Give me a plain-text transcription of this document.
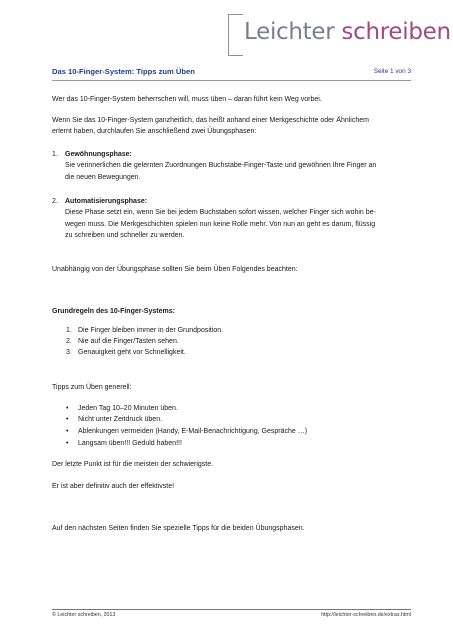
Leichter schreiben
Das 10-Finger-System: Tipps zum Üben	Seite 1 von 3
Wer das 10-Finger-System beherrschen will, muss üben – daran führt kein Weg vorbei.
Wenn Sie das 10-Finger-System ganzheitlich, das heißt anhand einer Merkgeschichte oder Ähnlichem
erlernt haben, durchlaufen Sie anschließend zwei Übungsphasen:
1. Gewöhnungsphase:
Sie verinnerlichen die gelernten Zuordnungen Buchstabe-Finger-Taste und gewöhnen Ihre Finger an
die neuen Bewegungen.
2. Automatisierungsphase:
Diese Phase setzt ein, wenn Sie bei jedem Buchstaben sofort wissen, welcher Finger sich wohin be-
wegen muss. Die Merkgeschichten spielen nun keine Rolle mehr. Von nun an geht es darum, flüssig
zu schreiben und schneller zu werden.
Unabhängig von der Übungsphase sollten Sie beim Üben Folgendes beachten:
Grundregeln des 10-Finger-Systems:
1. Die Finger bleiben immer in der Grundposition.
2. Nie auf die Finger/Tasten sehen.
3. Genauigkeit geht vor Schnelligkeit.
Tipps zum Üben generell:
• Jeden Tag 10–20 Minuten üben.
• Nicht unter Zeitdruck üben.
• Ablenkungen vermeiden (Handy, E-Mail-Benachrichtigung, Gespräche …)
• Langsam üben!!! Geduld haben!!!
Der letzte Punkt ist für die meisten der schwierigste.
Er ist aber definitiv auch der effektivste!
Auf den nächsten Seiten finden Sie spezielle Tipps für die beiden Übungsphasen.
© Leichter schreiben, 2013	http://leichter-schreiben.de/extras.html
